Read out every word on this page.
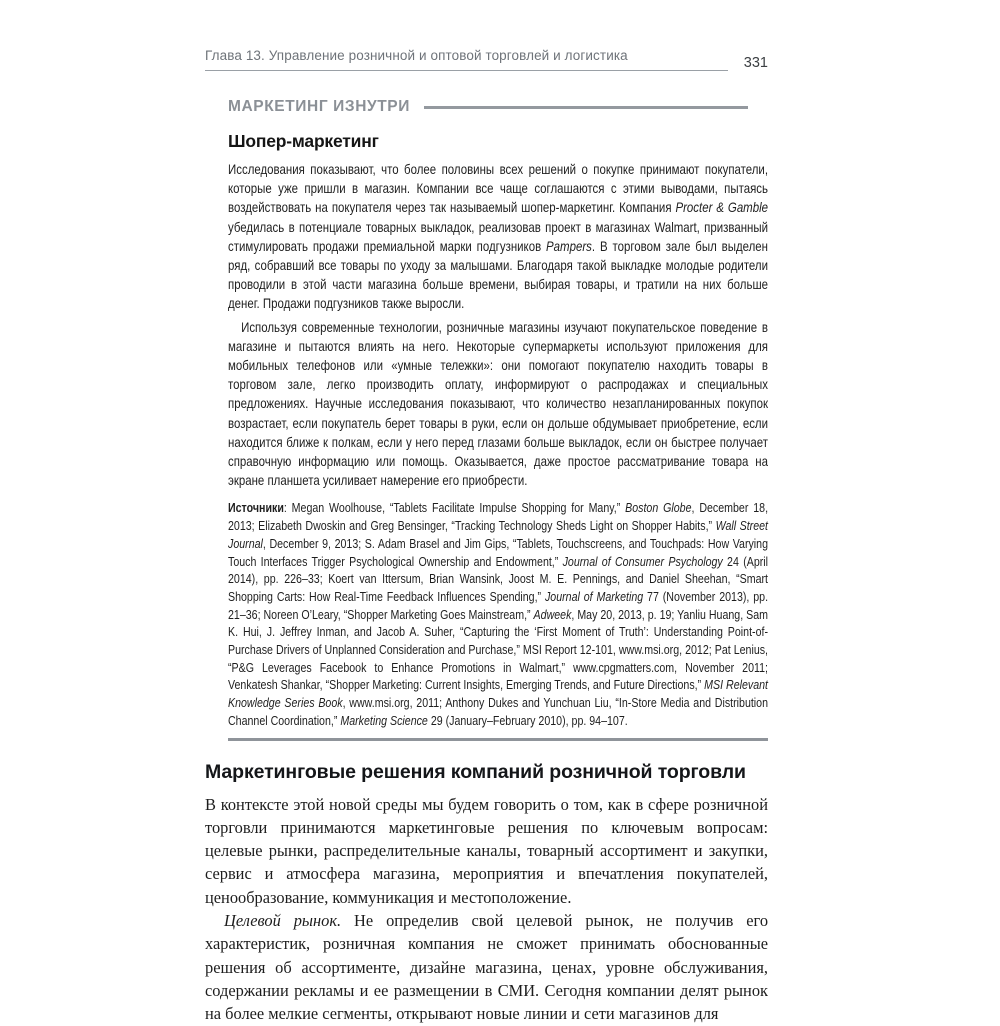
Глава 13. Управление розничной и оптовой торговлей и логистика	331
МАРКЕТИНГ ИЗНУТРИ
Шопер-маркетинг

Исследования показывают, что более половины всех решений о покупке принимают покупатели, которые уже пришли в магазин. Компании все чаще соглашаются с этими выводами, пытаясь воздействовать на покупателя через так называемый шопер-маркетинг. Компания Procter & Gamble убедилась в потенциале товарных выкладок, реализовав проект в магазинах Walmart, призванный стимулировать продажи премиальной марки подгузников Pampers. В торговом зале был выделен ряд, собравший все товары по уходу за малышами. Благодаря такой выкладке молодые родители проводили в этой части магазина больше времени, выбирая товары, и тратили на них больше денег. Продажи подгузников также выросли.

Используя современные технологии, розничные магазины изучают покупательское поведение в магазине и пытаются влиять на него. Некоторые супермаркеты используют приложения для мобильных телефонов или «умные тележки»: они помогают покупателю находить товары в торговом зале, легко производить оплату, информируют о распродажах и специальных предложениях. Научные исследования показывают, что количество незапланированных покупок возрастает, если покупатель берет товары в руки, если он дольше обдумывает приобретение, если находится ближе к полкам, если у него перед глазами больше выкладок, если он быстрее получает справочную информацию или помощь. Оказывается, даже простое рассматривание товара на экране планшета усиливает намерение его приобрести.

Источники: Megan Woolhouse, “Tablets Facilitate Impulse Shopping for Many,” Boston Globe, December 18, 2013; Elizabeth Dwoskin and Greg Bensinger, “Tracking Technology Sheds Light on Shopper Habits,” Wall Street Journal, December 9, 2013; S. Adam Brasel and Jim Gips, “Tablets, Touchscreens, and Touchpads: How Varying Touch Interfaces Trigger Psychological Ownership and Endowment,” Journal of Consumer Psychology 24 (April 2014), pp. 226–33; Koert van Ittersum, Brian Wansink, Joost M. E. Pennings, and Daniel Sheehan, “Smart Shopping Carts: How Real-Time Feedback Influences Spending,” Journal of Marketing 77 (November 2013), pp. 21–36; Noreen O’Leary, “Shopper Marketing Goes Mainstream,” Adweek, May 20, 2013, p. 19; Yanliu Huang, Sam K. Hui, J. Jeffrey Inman, and Jacob A. Suher, “Capturing the ‘First Moment of Truth’: Understanding Point-of-Purchase Drivers of Unplanned Consideration and Purchase,” MSI Report 12-101, www.msi.org, 2012; Pat Lenius, “P&G Leverages Facebook to Enhance Promotions in Walmart,” www.cpgmatters.com, November 2011; Venkatesh Shankar, “Shopper Marketing: Current Insights, Emerging Trends, and Future Directions,” MSI Relevant Knowledge Series Book, www.msi.org, 2011; Anthony Dukes and Yunchuan Liu, “In-Store Media and Distribution Channel Coordination,” Marketing Science 29 (January–February 2010), pp. 94–107.

Маркетинговые решения компаний розничной торговли

В контексте этой новой среды мы будем говорить о том, как в сфере розничной торговли принимаются маркетинговые решения по ключевым вопросам: целевые рынки, распределительные каналы, товарный ассортимент и закупки, сервис и атмосфера магазина, мероприятия и впечатления покупателей, ценообразование, коммуникация и местоположение.

Целевой рынок. Не определив свой целевой рынок, не получив его характеристик, розничная компания не сможет принимать обоснованные решения об ассортименте, дизайне магазина, ценах, уровне обслуживания, содержании рекламы и ее размещении в СМИ. Сегодня компании делят рынок на более мелкие сегменты, открывают новые линии и сети магазинов для
